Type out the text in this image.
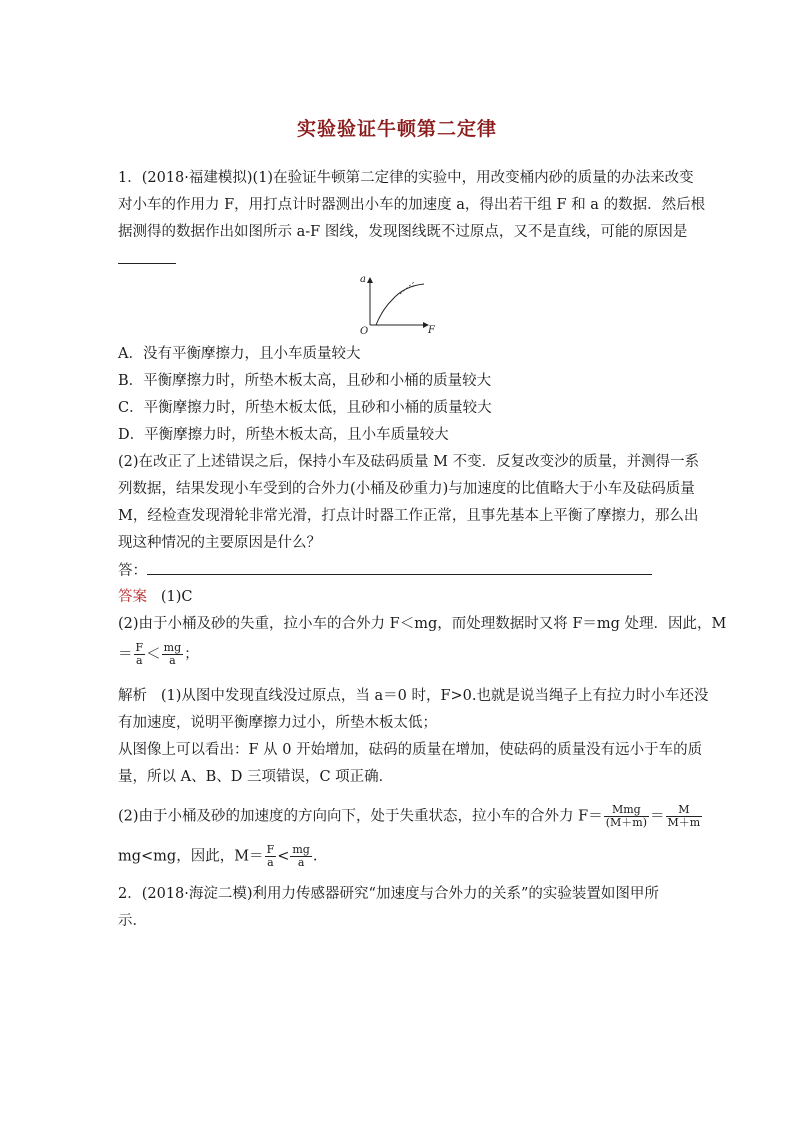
实验验证牛顿第二定律
1．(2018·福建模拟)(1)在验证牛顿第二定律的实验中，用改变桶内砂的质量的办法来改变
对小车的作用力 F，用打点计时器测出小车的加速度 a，得出若干组 F 和 a 的数据．然后根
据测得的数据作出如图所示 a-F 图线，发现图线既不过原点，又不是直线，可能的原因是
a
F
O
A．没有平衡摩擦力，且小车质量较大
B．平衡摩擦力时，所垫木板太高，且砂和小桶的质量较大
C．平衡摩擦力时，所垫木板太低，且砂和小桶的质量较大
D．平衡摩擦力时，所垫木板太高，且小车质量较大
(2)在改正了上述错误之后，保持小车及砝码质量 M 不变．反复改变沙的质量，并测得一系
列数据，结果发现小车受到的合外力(小桶及砂重力)与加速度的比值略大于小车及砝码质量
M，经检查发现滑轮非常光滑，打点计时器工作正常，且事先基本上平衡了摩擦力，那么出
现这种情况的主要原因是什么？
答：
答案 (1)C
(2)由于小桶及砂的失重，拉小车的合外力 F＜mg，而处理数据时又将 F＝mg 处理．因此，M
＝ $\frac{F}{a} < \frac{mg}{a}$ ；
解析 (1)从图中发现直线没过原点，当 a＝0 时，F>0.也就是说当绳子上有拉力时小车还没
有加速度，说明平衡摩擦力过小，所垫木板太低；
从图像上可以看出：F 从 0 开始增加，砝码的质量在增加，使砝码的质量没有远小于车的质
量，所以 A、B、D 三项错误，C 项正确．
(2)由于小桶及砂的加速度的方向向下，处于失重状态，拉小车的合外力 $F= \frac{\text{Mmg}}{(M+m)} = \frac{M}{M+m}$
mg<mg，因此，$M= \frac{F}{a} < \frac{mg}{a}$ .
2．(2018·海淀二模)利用力传感器研究“加速度与合外力的关系”的实验装置如图甲所
示．
